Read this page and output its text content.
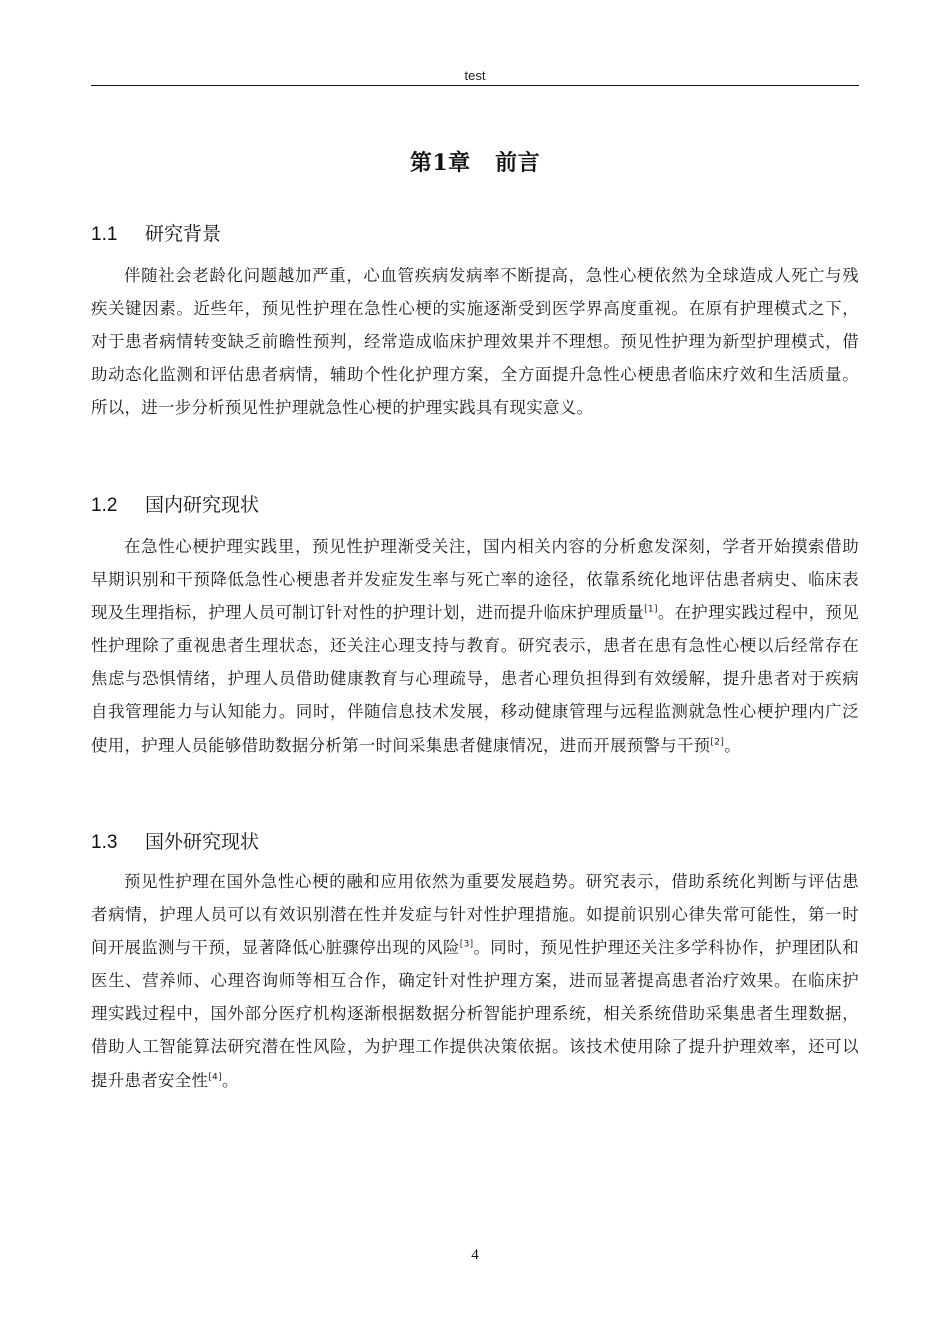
test
第1章 前言
1.1 研究背景

伴随社会老龄化问题越加严重，心血管疾病发病率不断提高，急性心梗依然为全球造成人死亡与残疾关键因素。近些年，预见性护理在急性心梗的实施逐渐受到医学界高度重视。在原有护理模式之下，对于患者病情转变缺乏前瞻性预判，经常造成临床护理效果并不理想。预见性护理为新型护理模式，借助动态化监测和评估患者病情，辅助个性化护理方案，全方面提升急性心梗患者临床疗效和生活质量。所以，进一步分析预见性护理就急性心梗的护理实践具有现实意义。

1.2 国内研究现状

在急性心梗护理实践里，预见性护理渐受关注，国内相关内容的分析愈发深刻，学者开始摸索借助早期识别和干预降低急性心梗患者并发症发生率与死亡率的途径，依靠系统化地评估患者病史、临床表现及生理指标，护理人员可制订针对性的护理计划，进而提升临床护理质量[1]。在护理实践过程中，预见性护理除了重视患者生理状态，还关注心理支持与教育。研究表示，患者在患有急性心梗以后经常存在焦虑与恐惧情绪，护理人员借助健康教育与心理疏导，患者心理负担得到有效缓解，提升患者对于疾病自我管理能力与认知能力。同时，伴随信息技术发展，移动健康管理与远程监测就急性心梗护理内广泛使用，护理人员能够借助数据分析第一时间采集患者健康情况，进而开展预警与干预[2]。

1.3 国外研究现状

预见性护理在国外急性心梗的融和应用依然为重要发展趋势。研究表示，借助系统化判断与评估患者病情，护理人员可以有效识别潜在性并发症与针对性护理措施。如提前识别心律失常可能性，第一时间开展监测与干预，显著降低心脏骤停出现的风险[3]。同时，预见性护理还关注多学科协作，护理团队和医生、营养师、心理咨询师等相互合作，确定针对性护理方案，进而显著提高患者治疗效果。在临床护理实践过程中，国外部分医疗机构逐渐根据数据分析智能护理系统，相关系统借助采集患者生理数据，借助人工智能算法研究潜在性风险，为护理工作提供决策依据。该技术使用除了提升护理效率，还可以提升患者安全性[4]。

4
